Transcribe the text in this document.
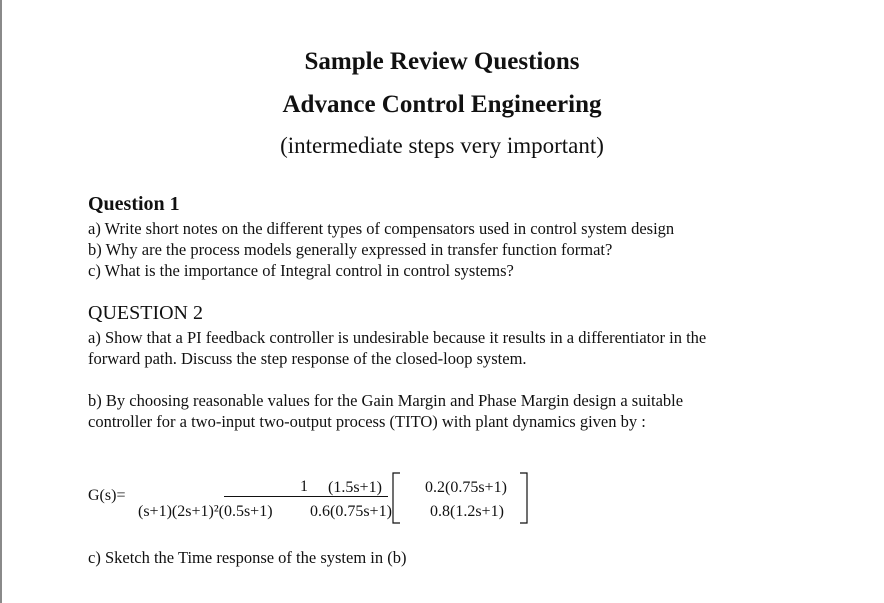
Sample Review Questions
Advance Control Engineering
(intermediate steps very important)
Question 1
a) Write short notes on the different types of compensators used in control system design
b) Why are the process models generally expressed in transfer function format?
c) What is the importance of Integral control in control systems?
QUESTION 2
a) Show that a PI feedback controller is undesirable because it results in a differentiator in the
forward path. Discuss the step response of the closed-loop system.
b) By choosing reasonable values for the Gain Margin and Phase Margin design a suitable
controller for a two-input two-output process (TITO) with plant dynamics given by :
G(s)=
1
(s+1)(2s+1)²(0.5s+1)
(1.5s+1)	0.2(0.75s+1)
0.6(0.75s+1) 0.8(1.2s+1)
c) Sketch the Time response of the system in (b)
